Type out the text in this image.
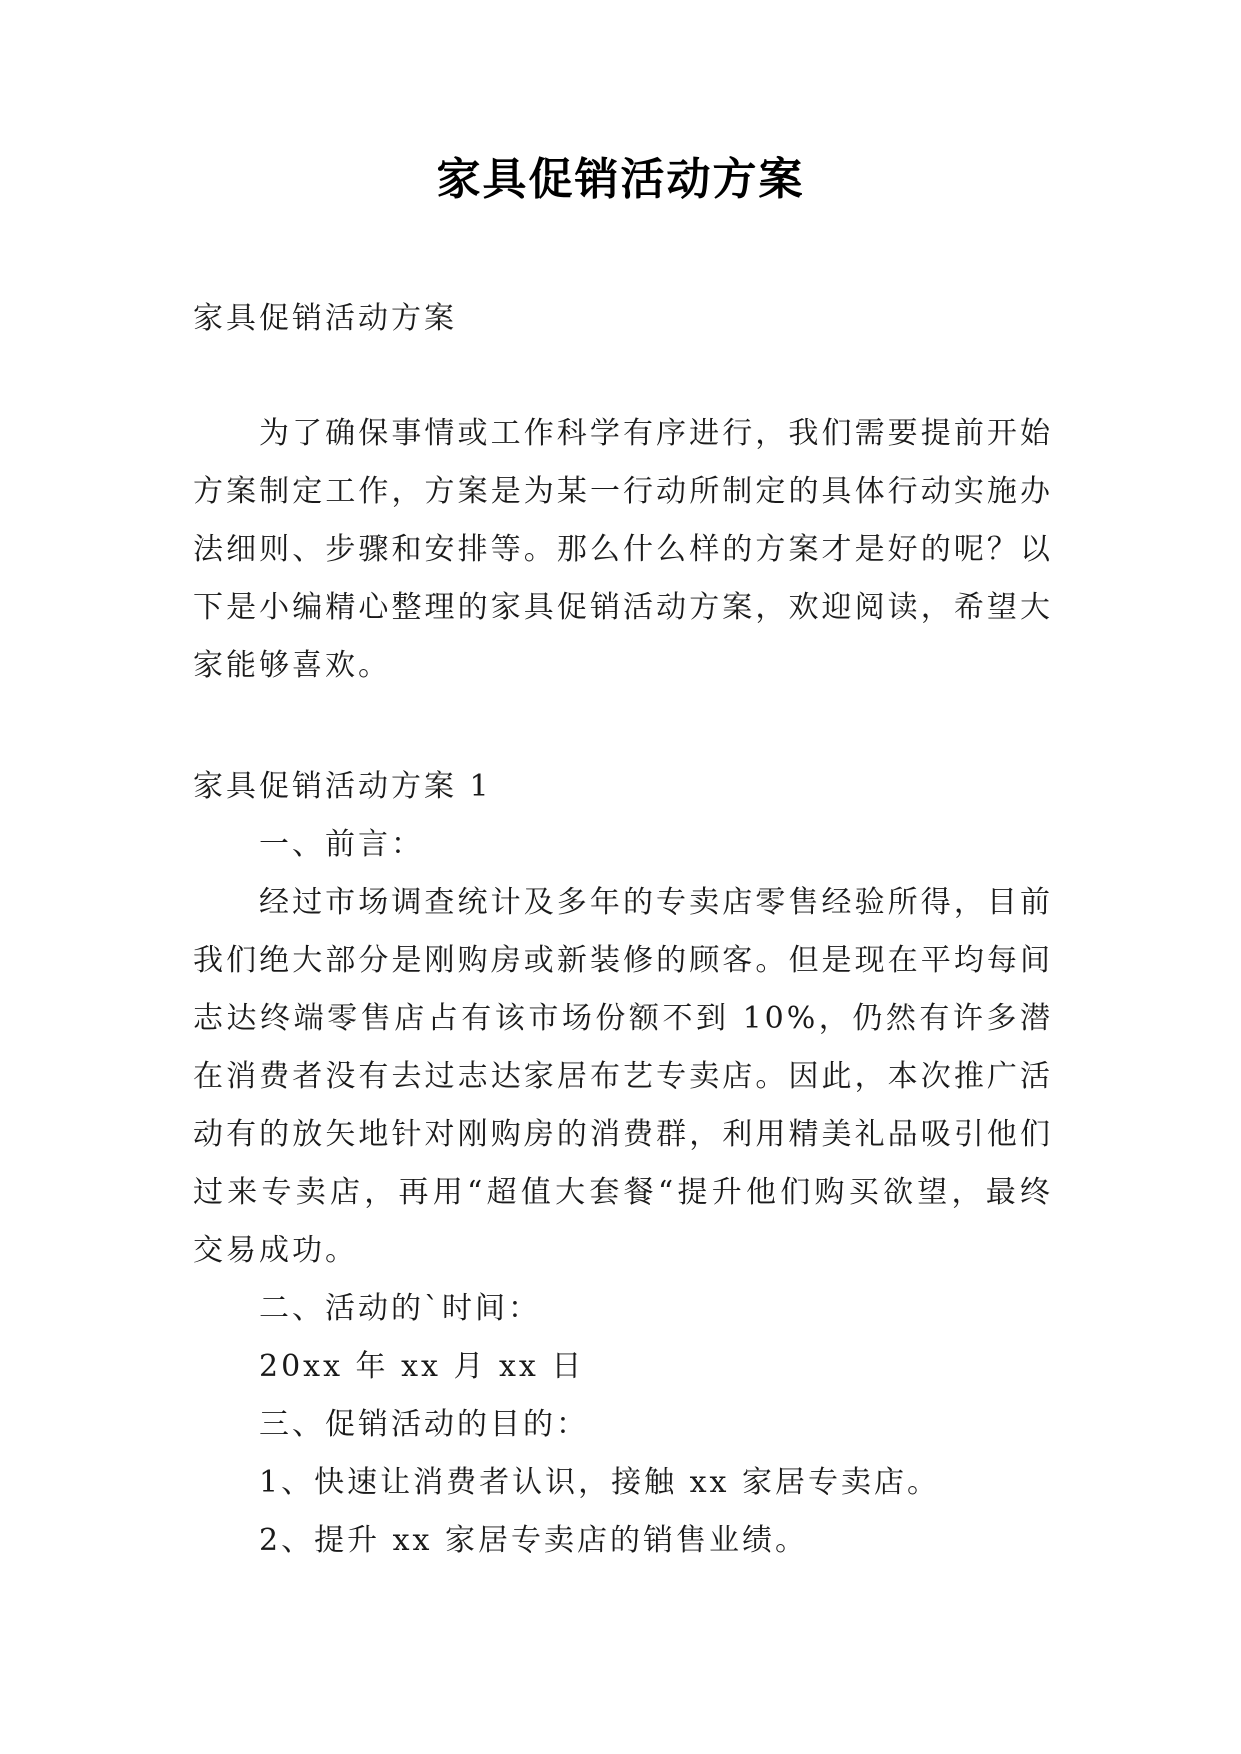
家具促销活动方案
家具促销活动方案
为了确保事情或工作科学有序进行，我们需要提前开始方案制定工作，方案是为某一行动所制定的具体行动实施办法细则、步骤和安排等。那么什么样的方案才是好的呢？以下是小编精心整理的家具促销活动方案，欢迎阅读，希望大家能够喜欢。

家具促销活动方案 1

一、前言：

经过市场调查统计及多年的专卖店零售经验所得，目前我们绝大部分是刚购房或新装修的顾客。但是现在平均每间志达终端零售店占有该市场份额不到 10%，仍然有许多潜在消费者没有去过志达家居布艺专卖店。因此，本次推广活动有的放矢地针对刚购房的消费群，利用精美礼品吸引他们过来专卖店，再用“超值大套餐“提升他们购买欲望，最终交易成功。

二、活动的`时间：

20xx 年 xx 月 xx 日

三、促销活动的目的：

1、快速让消费者认识，接触 xx 家居专卖店。

2、提升 xx 家居专卖店的销售业绩。
